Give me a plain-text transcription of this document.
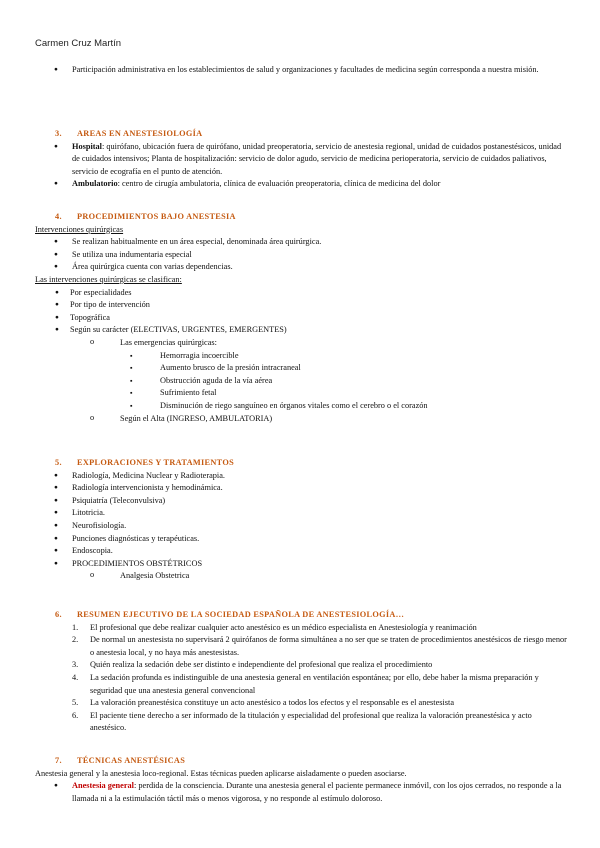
Carmen Cruz Martín
● Participación administrativa en los establecimientos de salud y organizaciones y facultades de medicina según corresponda a nuestra misión.
3. AREAS EN ANESTESIOLOGÍA
● Hospital: quirófano, ubicación fuera de quirófano, unidad preoperatoria, servicio de anestesia regional, unidad de cuidados postanestésicos, unidad de cuidados intensivos; Planta de hospitalización: servicio de dolor agudo, servicio de medicina perioperatoria, servicio de cuidados paliativos, servicio de ecografía en el punto de atención.
● Ambulatorio: centro de cirugía ambulatoria, clínica de evaluación preoperatoria, clínica de medicina del dolor
4. PROCEDIMIENTOS BAJO ANESTESIA
Intervenciones quirúrgicas
● Se realizan habitualmente en un área especial, denominada área quirúrgica.
● Se utiliza una indumentaria especial
● Área quirúrgica cuenta con varias dependencias.
Las intervenciones quirúrgicas se clasifican:
● Por especialidades
● Por tipo de intervención
● Topográfica
● Según su carácter (ELECTIVAS, URGENTES, EMERGENTES)
o Las emergencias quirúrgicas:
▪ Hemorragia incoercible
▪ Aumento brusco de la presión intracraneal
▪ Obstrucción aguda de la vía aérea
▪ Sufrimiento fetal
▪ Disminución de riego sanguíneo en órganos vitales como el cerebro o el corazón
o Según el Alta (INGRESO, AMBULATORIA)
5. EXPLORACIONES Y TRATAMIENTOS
● Radiología, Medicina Nuclear y Radioterapia.
● Radiología intervencionista y hemodinámica.
● Psiquiatría (Teleconvulsiva)
● Litotricia.
● Neurofisiología.
● Punciones diagnósticas y terapéuticas.
● Endoscopia.
● PROCEDIMIENTOS OBSTÉTRICOS
o Analgesia Obstetrica
6. RESUMEN EJECUTIVO DE LA SOCIEDAD ESPAÑOLA DE ANESTESIOLOGÍA…
1. El profesional que debe realizar cualquier acto anestésico es un médico especialista en Anestesiología y reanimación
2. De normal un anestesista no supervisará 2 quirófanos de forma simultánea a no ser que se traten de procedimientos anestésicos de riesgo menor o anestesia local, y no haya más anestesistas.
3. Quién realiza la sedación debe ser distinto e independiente del profesional que realiza el procedimiento
4. La sedación profunda es indistinguible de una anestesia general en ventilación espontánea; por ello, debe haber la misma preparación y seguridad que una anestesia general convencional
5. La valoración preanestésica constituye un acto anestésico a todos los efectos y el responsable es el anestesista
6. El paciente tiene derecho a ser informado de la titulación y especialidad del profesional que realiza la valoración preanestésica y acto anestésico.
7. TÉCNICAS ANESTÉSICAS
Anestesia general y la anestesia loco-regional. Estas técnicas pueden aplicarse aisladamente o pueden asociarse.
● Anestesia general: perdida de la consciencia. Durante una anestesia general el paciente permanece inmóvil, con los ojos cerrados, no responde a la llamada ni a la estimulación táctil más o menos vigorosa, y no responde al estímulo doloroso.
